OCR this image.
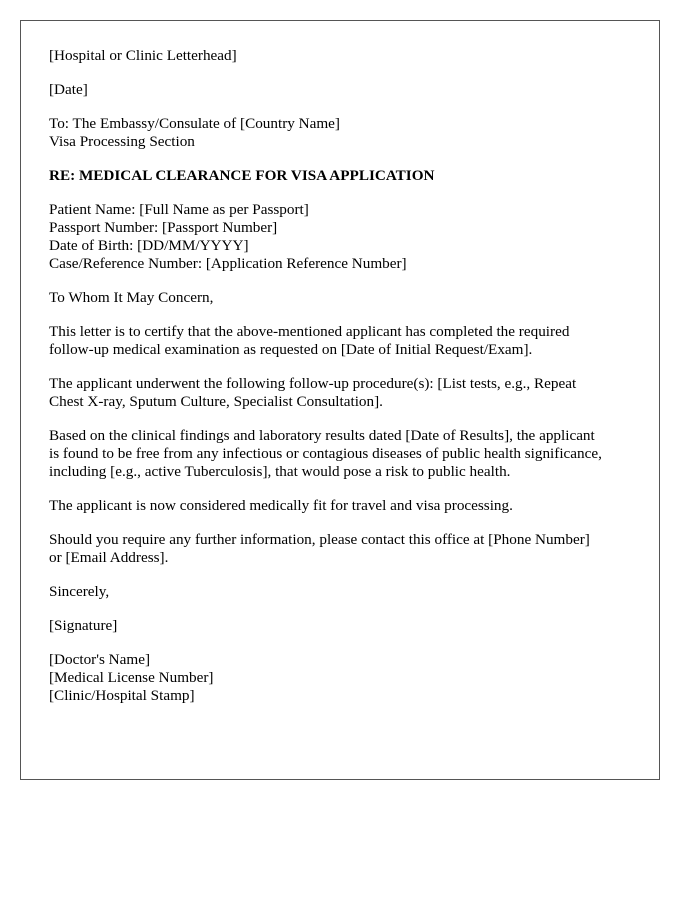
[Hospital or Clinic Letterhead]

[Date]

To: The Embassy/Consulate of [Country Name]
Visa Processing Section

RE: MEDICAL CLEARANCE FOR VISA APPLICATION

Patient Name: [Full Name as per Passport]
Passport Number: [Passport Number]
Date of Birth: [DD/MM/YYYY]
Case/Reference Number: [Application Reference Number]

To Whom It May Concern,

This letter is to certify that the above-mentioned applicant has completed the required
follow-up medical examination as requested on [Date of Initial Request/Exam].

The applicant underwent the following follow-up procedure(s): [List tests, e.g., Repeat
Chest X-ray, Sputum Culture, Specialist Consultation].

Based on the clinical findings and laboratory results dated [Date of Results], the applicant
is found to be free from any infectious or contagious diseases of public health significance,
including [e.g., active Tuberculosis], that would pose a risk to public health.

The applicant is now considered medically fit for travel and visa processing.

Should you require any further information, please contact this office at [Phone Number]
or [Email Address].

Sincerely,

[Signature]

[Doctor's Name]
[Medical License Number]
[Clinic/Hospital Stamp]
